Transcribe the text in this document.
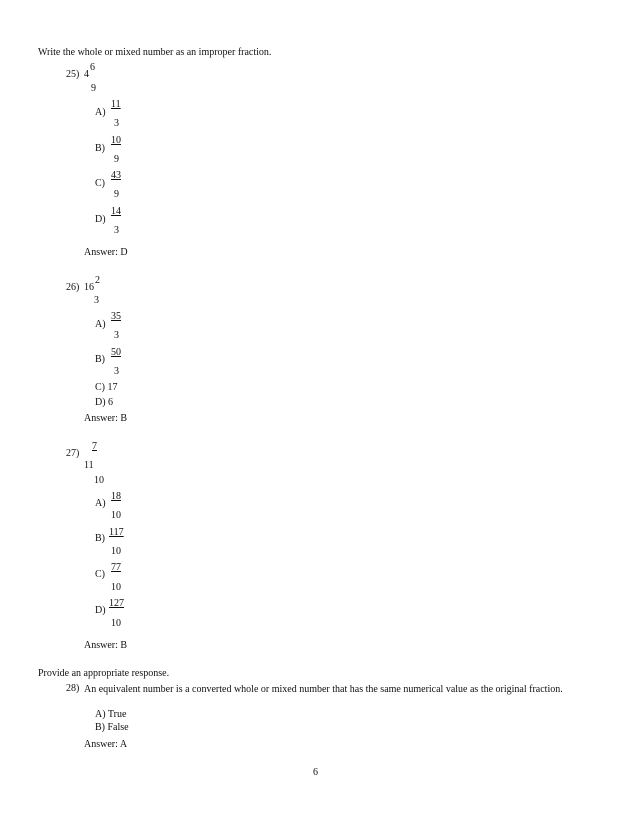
Write the whole or mixed number as an improper fraction.
25) 4
6
9
A)
11
3
B)
10
9
C)
43
9
D)
14
3
Answer: D
26) 16
2
3
A)
35
3
B)
50
3
C) 17
D) 6
Answer: B
27)
7
11
10
A)
18
10
B)
117
10
C)
77
10
D)
127
10
Answer: B
Provide an appropriate response.
28) An equivalent number is a converted whole or mixed number that has the same numerical value as the original fraction.
A) True
B) False
Answer: A
6
